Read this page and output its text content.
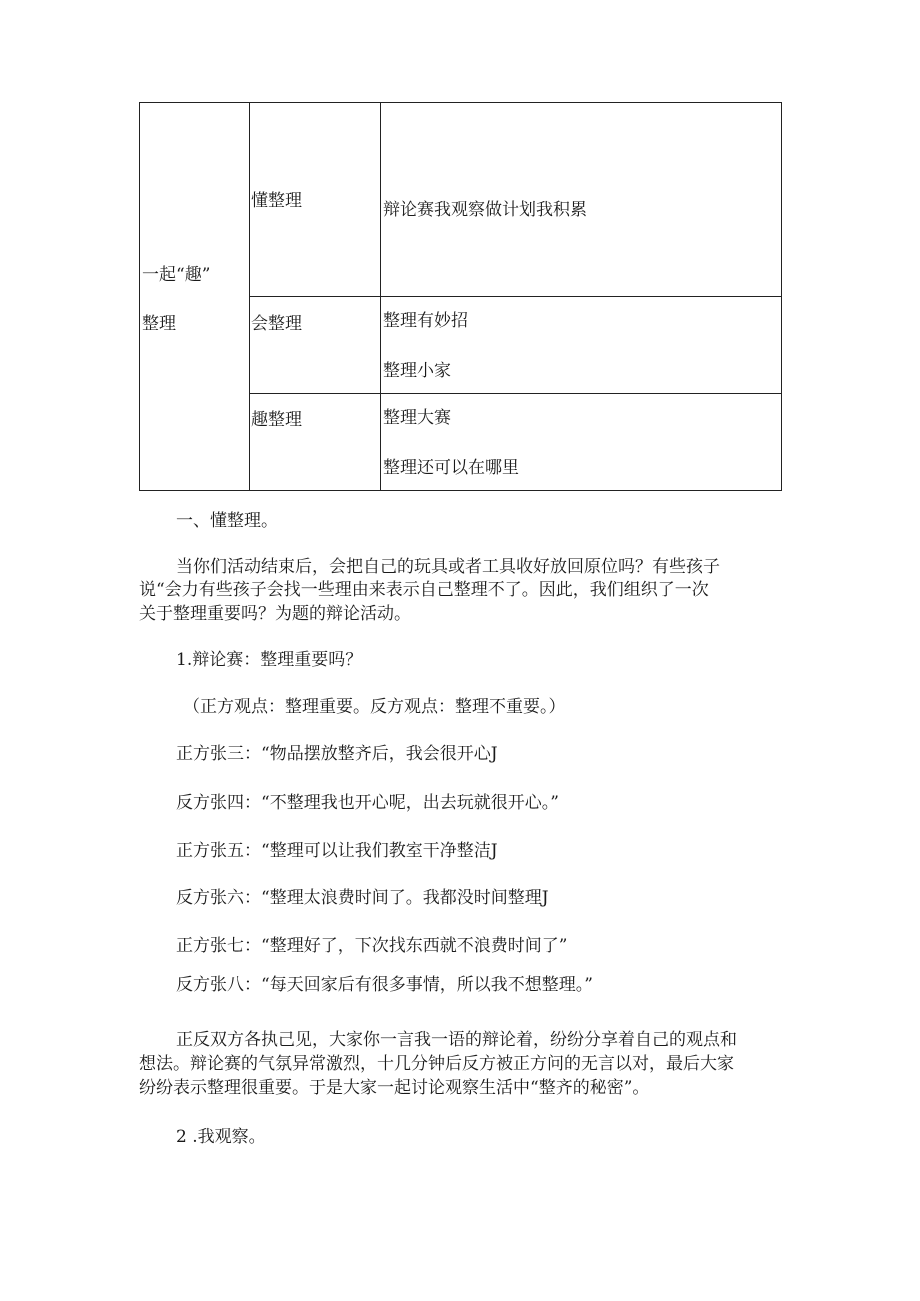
一起“趣”
整理
懂整理	辩论赛我观察做计划我积累
会整理	整理有妙招
整理小家
趣整理	整理大赛
整理还可以在哪里
一、懂整理。
当你们活动结束后，会把自己的玩具或者工具收好放回原位吗？有些孩子
说“会力有些孩子会找一些理由来表示自己整理不了。因此，我们组织了一次
关于整理重要吗？为题的辩论活动。
1.辩论赛：整理重要吗？
（正方观点：整理重要。反方观点：整理不重要。）
正方张三：“物品摆放整齐后，我会很开心J
反方张四：“不整理我也开心呢，出去玩就很开心。”
正方张五：“整理可以让我们教室干净整洁J
反方张六：“整理太浪费时间了。我都没时间整理J
正方张七：“整理好了，下次找东西就不浪费时间了”
反方张八：“每天回家后有很多事情，所以我不想整理。”
正反双方各执己见，大家你一言我一语的辩论着，纷纷分享着自己的观点和
想法。辩论赛的气氛异常激烈，十几分钟后反方被正方问的无言以对，最后大家
纷纷表示整理很重要。于是大家一起讨论观察生活中“整齐的秘密”。
2 .我观察。
